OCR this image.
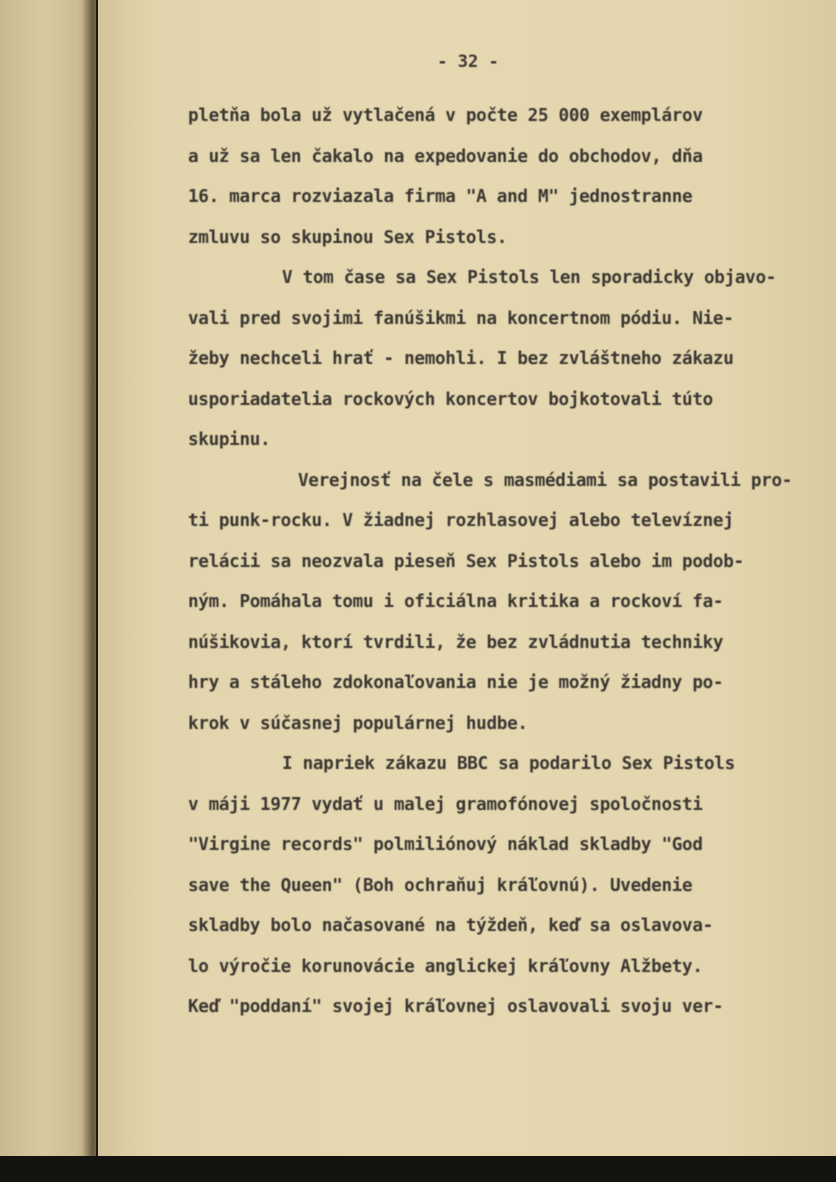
- 32 -
pletňa bola už vytlačená v počte 25 000 exemplárov
a už sa len čakalo na expedovanie do obchodov, dňa
16. marca rozviazala firma "A and M" jednostranne
zmluvu so skupinou Sex Pistols.
V tom čase sa Sex Pistols len sporadicky objavo-
vali pred svojimi fanúšikmi na koncertnom pódiu. Nie-
žeby nechceli hrať - nemohli. I bez zvláštneho zákazu
usporiadatelia rockových koncertov bojkotovali túto
skupinu.
Verejnosť na čele s masmédiami sa postavili pro-
ti punk-rocku. V žiadnej rozhlasovej alebo televíznej
relácii sa neozvala pieseň Sex Pistols alebo im podob-
ným. Pomáhala tomu i oficiálna kritika a rockoví fa-
núšikovia, ktorí tvrdili, že bez zvládnutia techniky
hry a stáleho zdokonaľovania nie je možný žiadny po-
krok v súčasnej populárnej hudbe.
I napriek zákazu BBC sa podarilo Sex Pistols
v máji 1977 vydať u malej gramofónovej spoločnosti
"Virgine records" polmiliónový náklad skladby "God
save the Queen" (Boh ochraňuj kráľovnú). Uvedenie
skladby bolo načasované na týždeň, keď sa oslavova-
lo výročie korunovácie anglickej kráľovny Alžbety.
Keď "poddaní" svojej kráľovnej oslavovali svoju ver-
